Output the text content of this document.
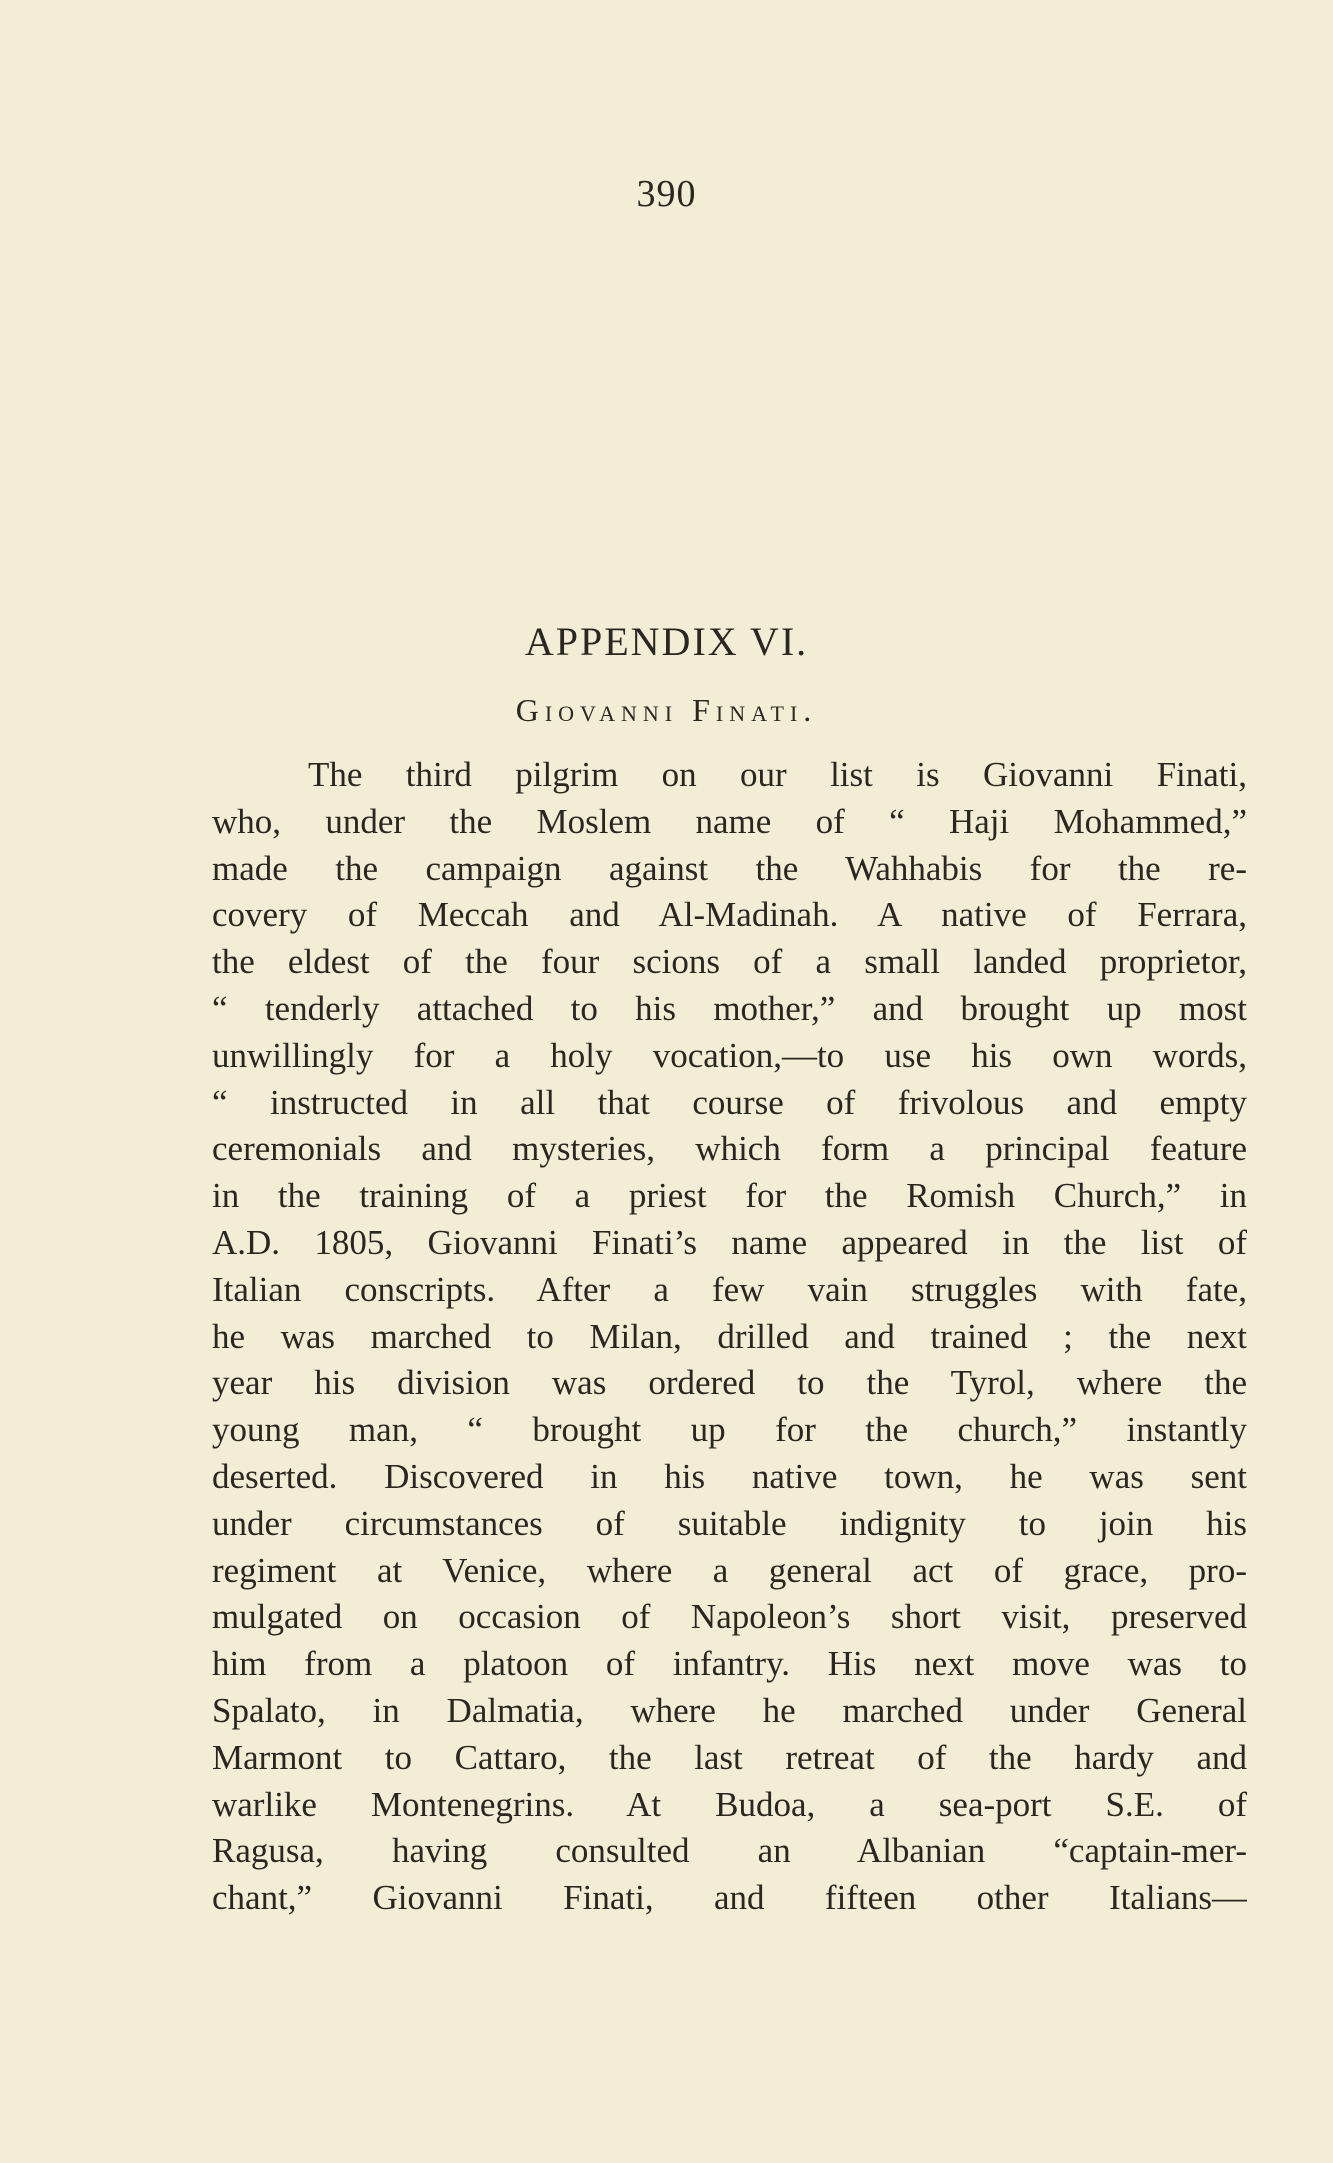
390
APPENDIX VI.
Giovanni Finati.
The third pilgrim on our list is Giovanni Finati,
who, under the Moslem name of “ Haji Mohammed,”
made the campaign against the Wahhabis for the re-
covery of Meccah and Al-Madinah. A native of Ferrara,
the eldest of the four scions of a small landed proprietor,
“ tenderly attached to his mother,” and brought up most
unwillingly for a holy vocation,—to use his own words,
“ instructed in all that course of frivolous and empty
ceremonials and mysteries, which form a principal feature
in the training of a priest for the Romish Church,” in
A.D. 1805, Giovanni Finati’s name appeared in the list of
Italian conscripts. After a few vain struggles with fate,
he was marched to Milan, drilled and trained ; the next
year his division was ordered to the Tyrol, where the
young man, “ brought up for the church,” instantly
deserted. Discovered in his native town, he was sent
under circumstances of suitable indignity to join his
regiment at Venice, where a general act of grace, pro-
mulgated on occasion of Napoleon’s short visit, preserved
him from a platoon of infantry. His next move was to
Spalato, in Dalmatia, where he marched under General
Marmont to Cattaro, the last retreat of the hardy and
warlike Montenegrins. At Budoa, a sea-port S.E. of
Ragusa, having consulted an Albanian “captain-mer-
chant,” Giovanni Finati, and fifteen other Italians—
